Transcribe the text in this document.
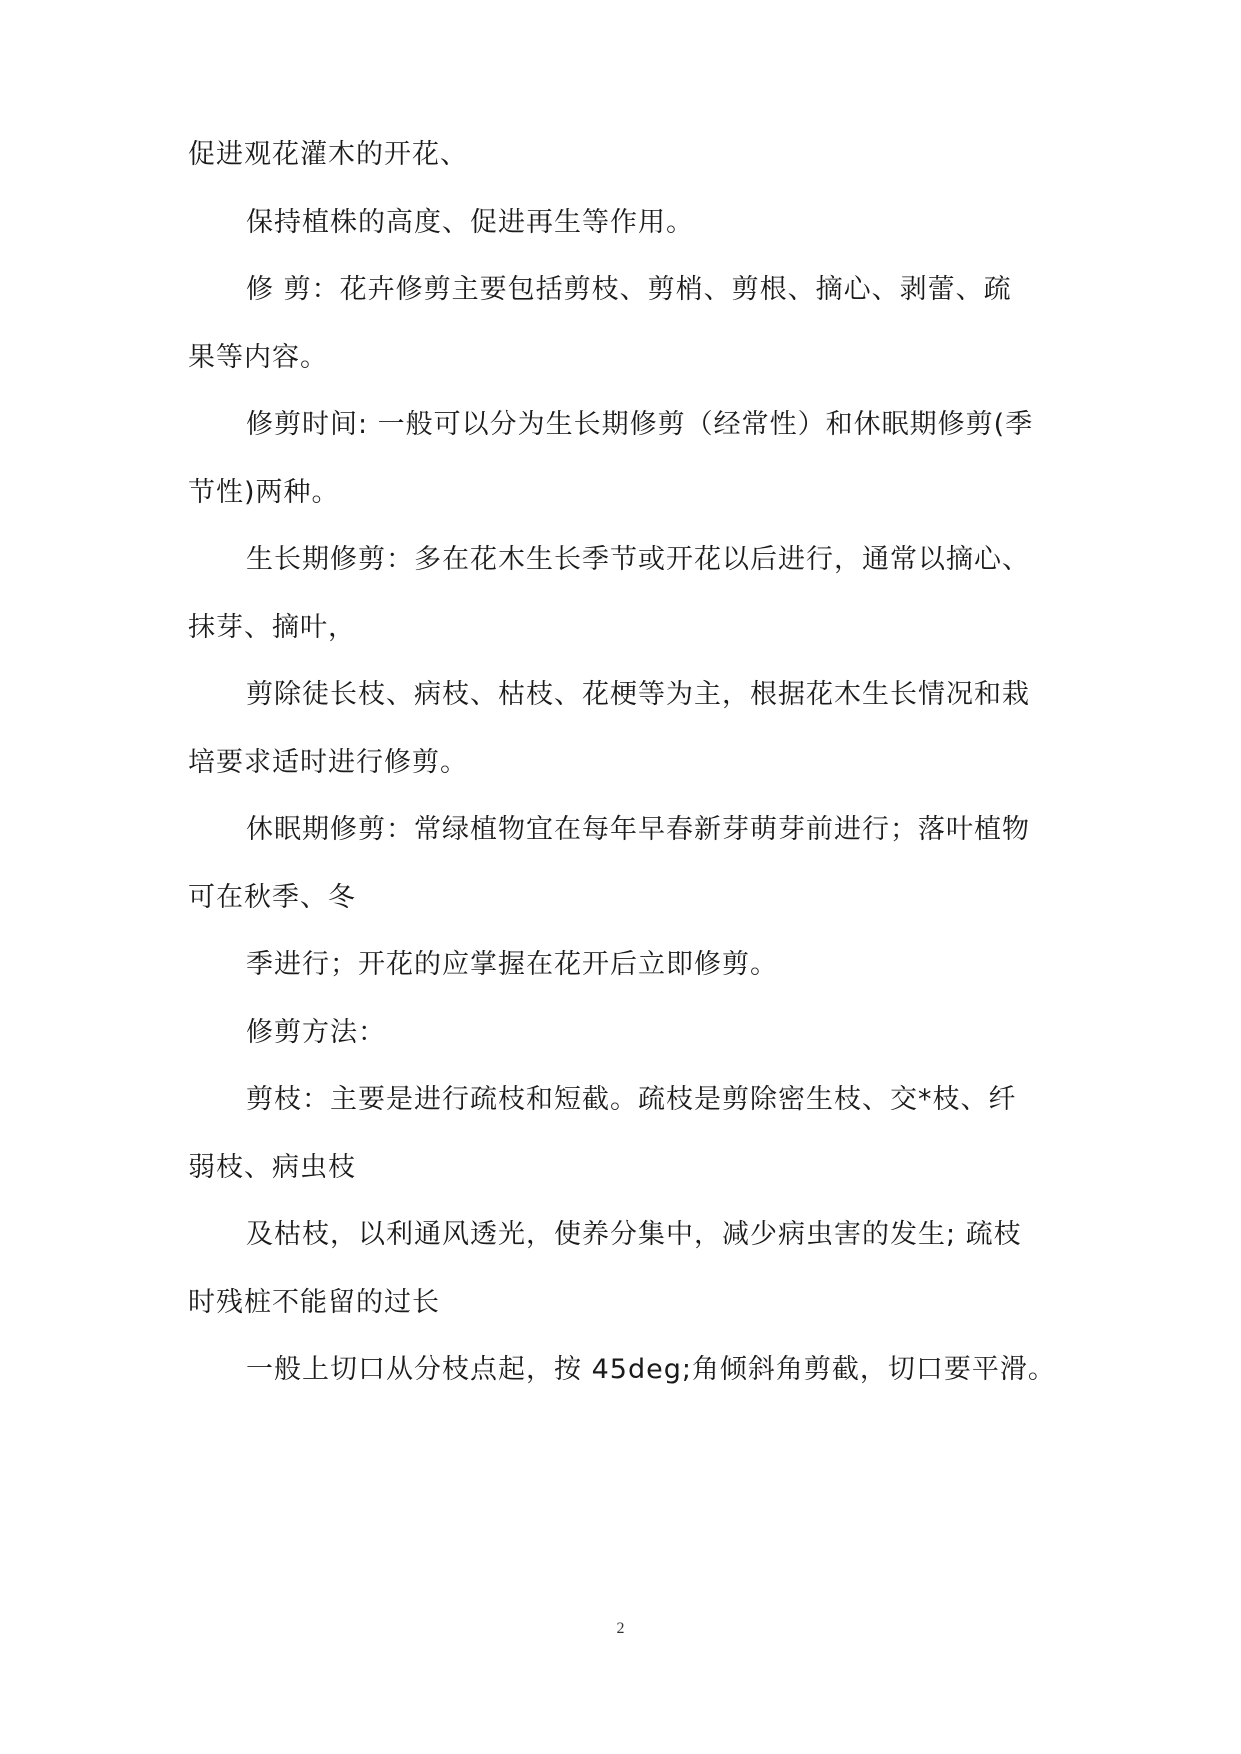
促进观花灌木的开花、
保持植株的高度、促进再生等作用。
修 剪：花卉修剪主要包括剪枝、剪梢、剪根、摘心、剥蕾、疏
果等内容。
修剪时间: 一般可以分为生长期修剪（经常性）和休眠期修剪(季
节性)两种。
生长期修剪：多在花木生长季节或开花以后进行，通常以摘心、
抹芽、摘叶，
剪除徒长枝、病枝、枯枝、花梗等为主，根据花木生长情况和栽
培要求适时进行修剪。
休眠期修剪：常绿植物宜在每年早春新芽萌芽前进行；落叶植物
可在秋季、冬
季进行；开花的应掌握在花开后立即修剪。
修剪方法：
剪枝：主要是进行疏枝和短截。疏枝是剪除密生枝、交*枝、纤
弱枝、病虫枝
及枯枝，以利通风透光，使养分集中，减少病虫害的发生; 疏枝
时残桩不能留的过长
一般上切口从分枝点起，按 45deg;角倾斜角剪截，切口要平滑。
2
